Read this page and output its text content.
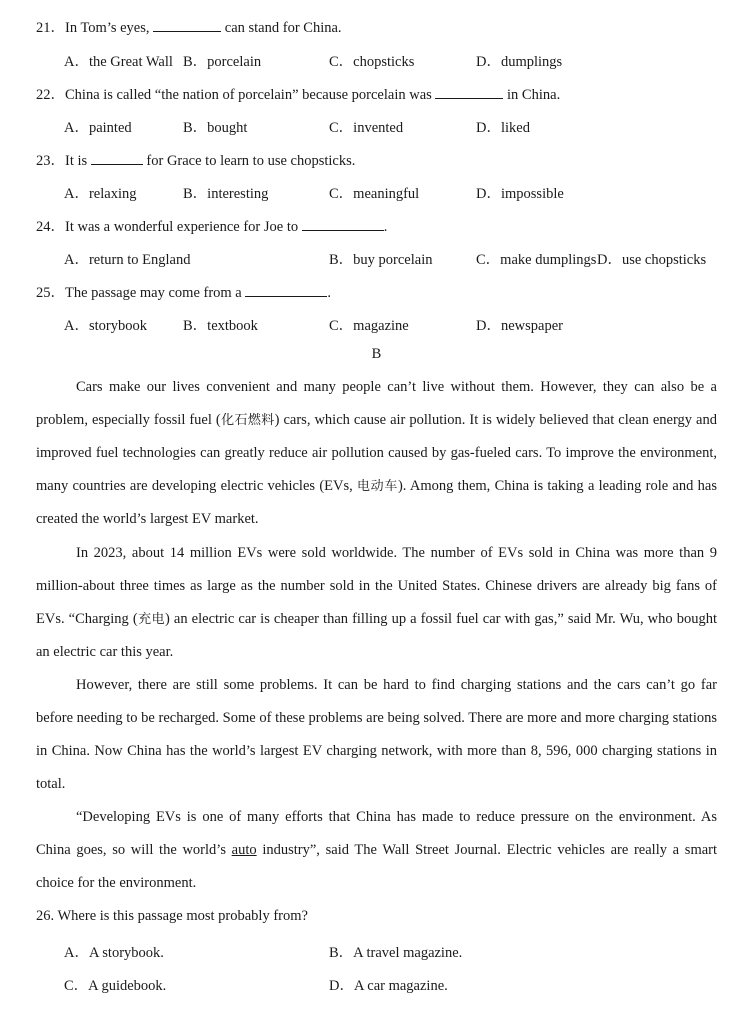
21．In Tom’s eyes,	can stand for China.
A．the Great Wall B．porcelain	C．chopsticks	D．dumplings
22．China is called “the nation of porcelain” because porcelain was	in China.
A．painted	B．bought	C．invented	D．liked
23．It is	for Grace to learn to use chopsticks.
A．relaxing	B．interesting	C．meaningful	D．impossible
24．It was a wonderful experience for Joe to	.
A．return to England	B．buy porcelain	C．make dumplings D．use chopsticks
25．The passage may come from a	.
A．storybook B．textbook	C．magazine	D．newspaper
B
Cars make our lives convenient and many people can’t live without them. However, they can also be a problem, especially fossil fuel (化石燃料) cars, which cause air pollution. It is widely believed that clean energy and improved fuel technologies can greatly reduce air pollution caused by gas-fueled cars. To improve the environment, many countries are developing electric vehicles (EVs, 电动车). Among them, China is taking a leading role and has created the world’s largest EV market.
In 2023, about 14 million EVs were sold worldwide. The number of EVs sold in China was more than 9 million-about three times as large as the number sold in the United States. Chinese drivers are already big fans of EVs. “Charging (充电) an electric car is cheaper than filling up a fossil fuel car with gas,” said Mr. Wu, who bought an electric car this year.
However, there are still some problems. It can be hard to find charging stations and the cars can’t go far before needing to be recharged. Some of these problems are being solved. There are more and more charging stations in China. Now China has the world’s largest EV charging network, with more than 8, 596, 000 charging stations in total.
“Developing EVs is one of many efforts that China has made to reduce pressure on the environment. As China goes, so will the world’s auto industry”, said The Wall Street Journal. Electric vehicles are really a smart choice for the environment.
26. Where is this passage most probably from?
A．A storybook.	B．A travel magazine.
C．A guidebook.	D．A car magazine.
